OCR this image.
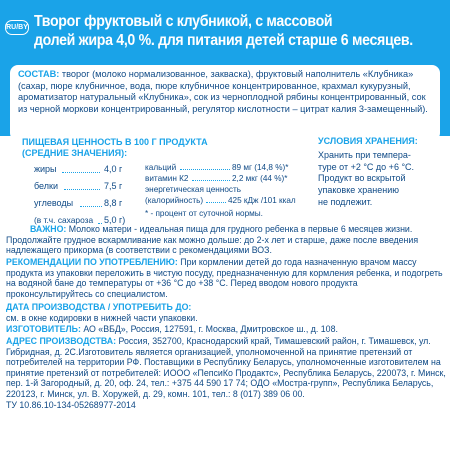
RU/BY Творог фруктовый с клубникой, с массовой
долей жира 4,0 %. для питания детей старше 6 месяцев.
СОСТАВ: творог (молоко нормализованное, закваска), фруктовый наполнитель «Клубника» (сахар, пюре клубничное, вода, пюре клубничное концентрированное, крахмал кукурузный, ароматизатор натуральный «Клубника», сок из черноплодной рябины концентрированный, сок из черной моркови концентрированный, регулятор кислотности – цитрат калия 3-замещенный).
ПИЩЕВАЯ ЦЕННОСТЬ В 100 Г ПРОДУКТА (СРЕДНИЕ ЗНАЧЕНИЯ):
жиры	4,0 г
белки	7,5 г
углеводы	8,8 г
(в т.ч. сахароза 5,0 г)
кальций	89 мг (14,8 %)*
витамин К2	2,2 мкг (44 %)*
энергетическая ценность
(калорийность)	425 кДж /101 ккал
* - процент от суточной нормы.
УСЛОВИЯ ХРАНЕНИЯ:
Хранить при темпера-
туре от +2 °С до +6 °С.
Продукт во вскрытой
упаковке хранению
не подлежит.
ВАЖНО: Молоко матери - идеальная пища для грудного ребенка в первые 6 месяцев жизни. Продолжайте грудное вскармливание как можно дольше: до 2-х лет и старше, даже после введения надлежащего прикорма (в соответствии с рекомендациями ВОЗ.
РЕКОМЕНДАЦИИ ПО УПОТРЕБЛЕНИЮ: При кормлении детей до года назначенную врачом массу продукта из упаковки переложить в чистую посуду, предназначенную для кормления ребенка, и подогреть на водяной бане до температуры от +36 °С до +38 °С. Перед вводом нового продукта проконсультируйтесь со специалистом.
ДАТА ПРОИЗВОДСТВА / УПОТРЕБИТЬ ДО:
см. в окне кодировки в нижней части упаковки.
ИЗГОТОВИТЕЛЬ: АО «ВБД», Россия, 127591, г. Москва, Дмитровское ш., д. 108.
АДРЕС ПРОИЗВОДСТВА: Россия, 352700, Краснодарский край, Тимашевский район, г. Тимашевск, ул. Гибридная, д. 2С.Изготовитель является организацией, уполномоченной на принятие претензий от потребителей на территории РФ. Поставщики в Республику Беларусь, уполномоченные изготовителем на принятие претензий от потребителей: ИООО «ПепсиКо Продактс», Республика Беларусь, 220073, г. Минск, пер. 1-й Загородный, д. 20, оф. 24, тел.: +375 44 590 17 74; ОДО «Мострa-групп», Республика Беларусь, 220123, г. Минск, ул. В. Хоружей, д. 29, комн. 101, тел.: 8 (017) 389 06 00.
ТУ 10.86.10-134-05268977-2014
